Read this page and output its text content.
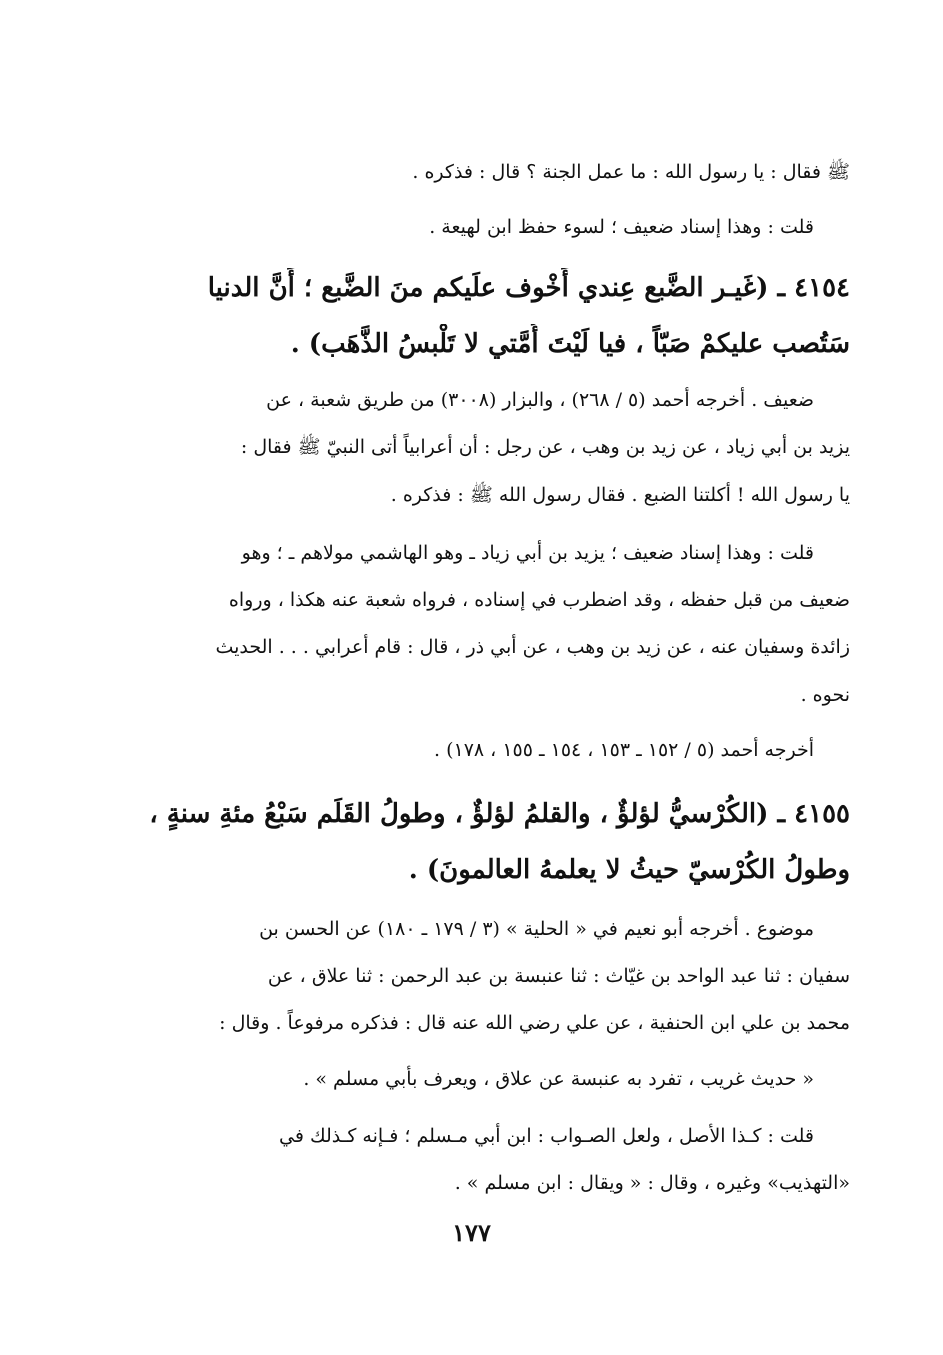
ﷺ فقال : يا رسول الله : ما عمل الجنة ؟ قال : فذكره .
قلت : وهذا إسناد ضعيف ؛ لسوء حفظ ابن لهيعة .
٤١٥٤ ـ (غَيـر الضَّبع عِندي أَخْوف علَيكم منَ الضَّبع ؛ أَنَّ الدنيا
سَتُصب عليكمْ صَبّاً ، فيا لَيْتَ أُمَّتي لا تَلْبسُ الذَّهَب) .
ضعيف . أخرجه أحمد (٥ / ٢٦٨) ، والبزار (٣٠٠٨) من طريق شعبة ، عن
يزيد بن أبي زياد ، عن زيد بن وهب ، عن رجل : أن أعرابياً أتى النبيّ ﷺ فقال :
يا رسول الله ! أكلتنا الضبع . فقال رسول الله ﷺ : فذكره .
قلت : وهذا إسناد ضعيف ؛ يزيد بن أبي زياد ـ وهو الهاشمي مولاهم ـ ؛ وهو
ضعيف من قبل حفظه ، وقد اضطرب في إسناده ، فرواه شعبة عنه هكذا ، ورواه
زائدة وسفيان عنه ، عن زيد بن وهب ، عن أبي ذر ، قال : قام أعرابي . . . الحديث
نحوه .
أخرجه أحمد (٥ / ١٥٢ ـ ١٥٣ ، ١٥٤ ـ ١٥٥ ، ١٧٨) .
٤١٥٥ ـ (الكُرْسيُّ لؤلؤٌ ، والقلمُ لؤلؤٌ ، وطولُ القَلَم سَبْعُ مئةِ سنةٍ ،
وطولُ الكُرْسيّ حيثُ لا يعلمهُ العالمونَ) .
موضوع . أخرجه أبو نعيم في « الحلية » (٣ / ١٧٩ ـ ١٨٠) عن الحسن بن
سفيان : ثنا عبد الواحد بن غيّاث : ثنا عنبسة بن عبد الرحمن : ثنا علاق ، عن
محمد بن علي ابن الحنفية ، عن علي رضي الله عنه قال : فذكره مرفوعاً . وقال :
« حديث غريب ، تفرد به عنبسة عن علاق ، ويعرف بأبي مسلم » .
قلت : كـذا الأصل ، ولعل الصـواب : ابن أبي مـسلم ؛ فـإنه كـذلك في
«التهذيب» وغيره ، وقال : « ويقال : ابن مسلم » .
١٧٧
